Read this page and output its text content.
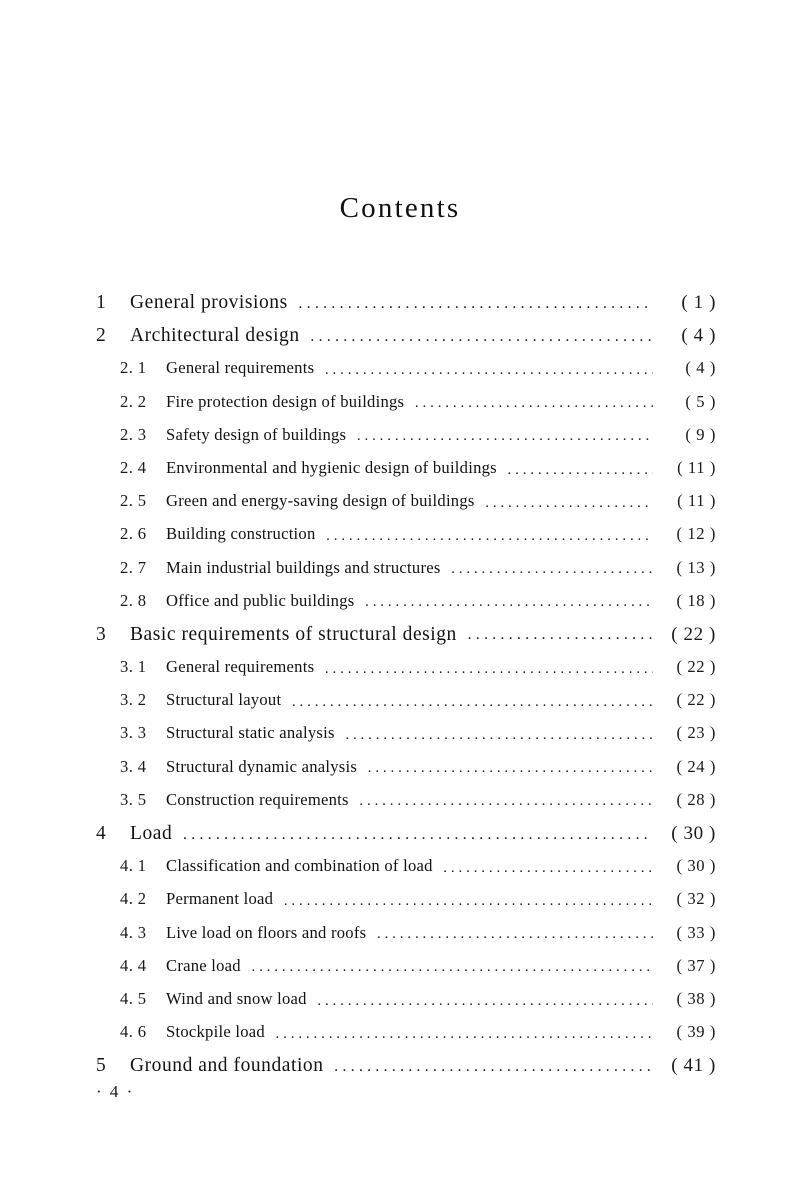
Contents
1	General provisions ·····	( 1 )
2	Architectural design ·····	( 4 )
2. 1	General requirements ·····	( 4 )
2. 2	Fire protection design of buildings ·····	( 5 )
2. 3	Safety design of buildings ·····	( 9 )
2. 4	Environmental and hygienic design of buildings ·····	( 11 )
2. 5	Green and energy-saving design of buildings ·····	( 11 )
2. 6	Building construction ·····	( 12 )
2. 7	Main industrial buildings and structures ·····	( 13 )
2. 8	Office and public buildings ·····	( 18 )
3	Basic requirements of structural design ·····	( 22 )
3. 1	General requirements ·····	( 22 )
3. 2	Structural layout ·····	( 22 )
3. 3	Structural static analysis ·····	( 23 )
3. 4	Structural dynamic analysis ·····	( 24 )
3. 5	Construction requirements ·····	( 28 )
4	Load ·····	( 30 )
4. 1	Classification and combination of load ·····	( 30 )
4. 2	Permanent load ·····	( 32 )
4. 3	Live load on floors and roofs ·····	( 33 )
4. 4	Crane load ·····	( 37 )
4. 5	Wind and snow load ·····	( 38 )
4. 6	Stockpile load ·····	( 39 )
5	Ground and foundation ·····	( 41 )
· 4 ·
